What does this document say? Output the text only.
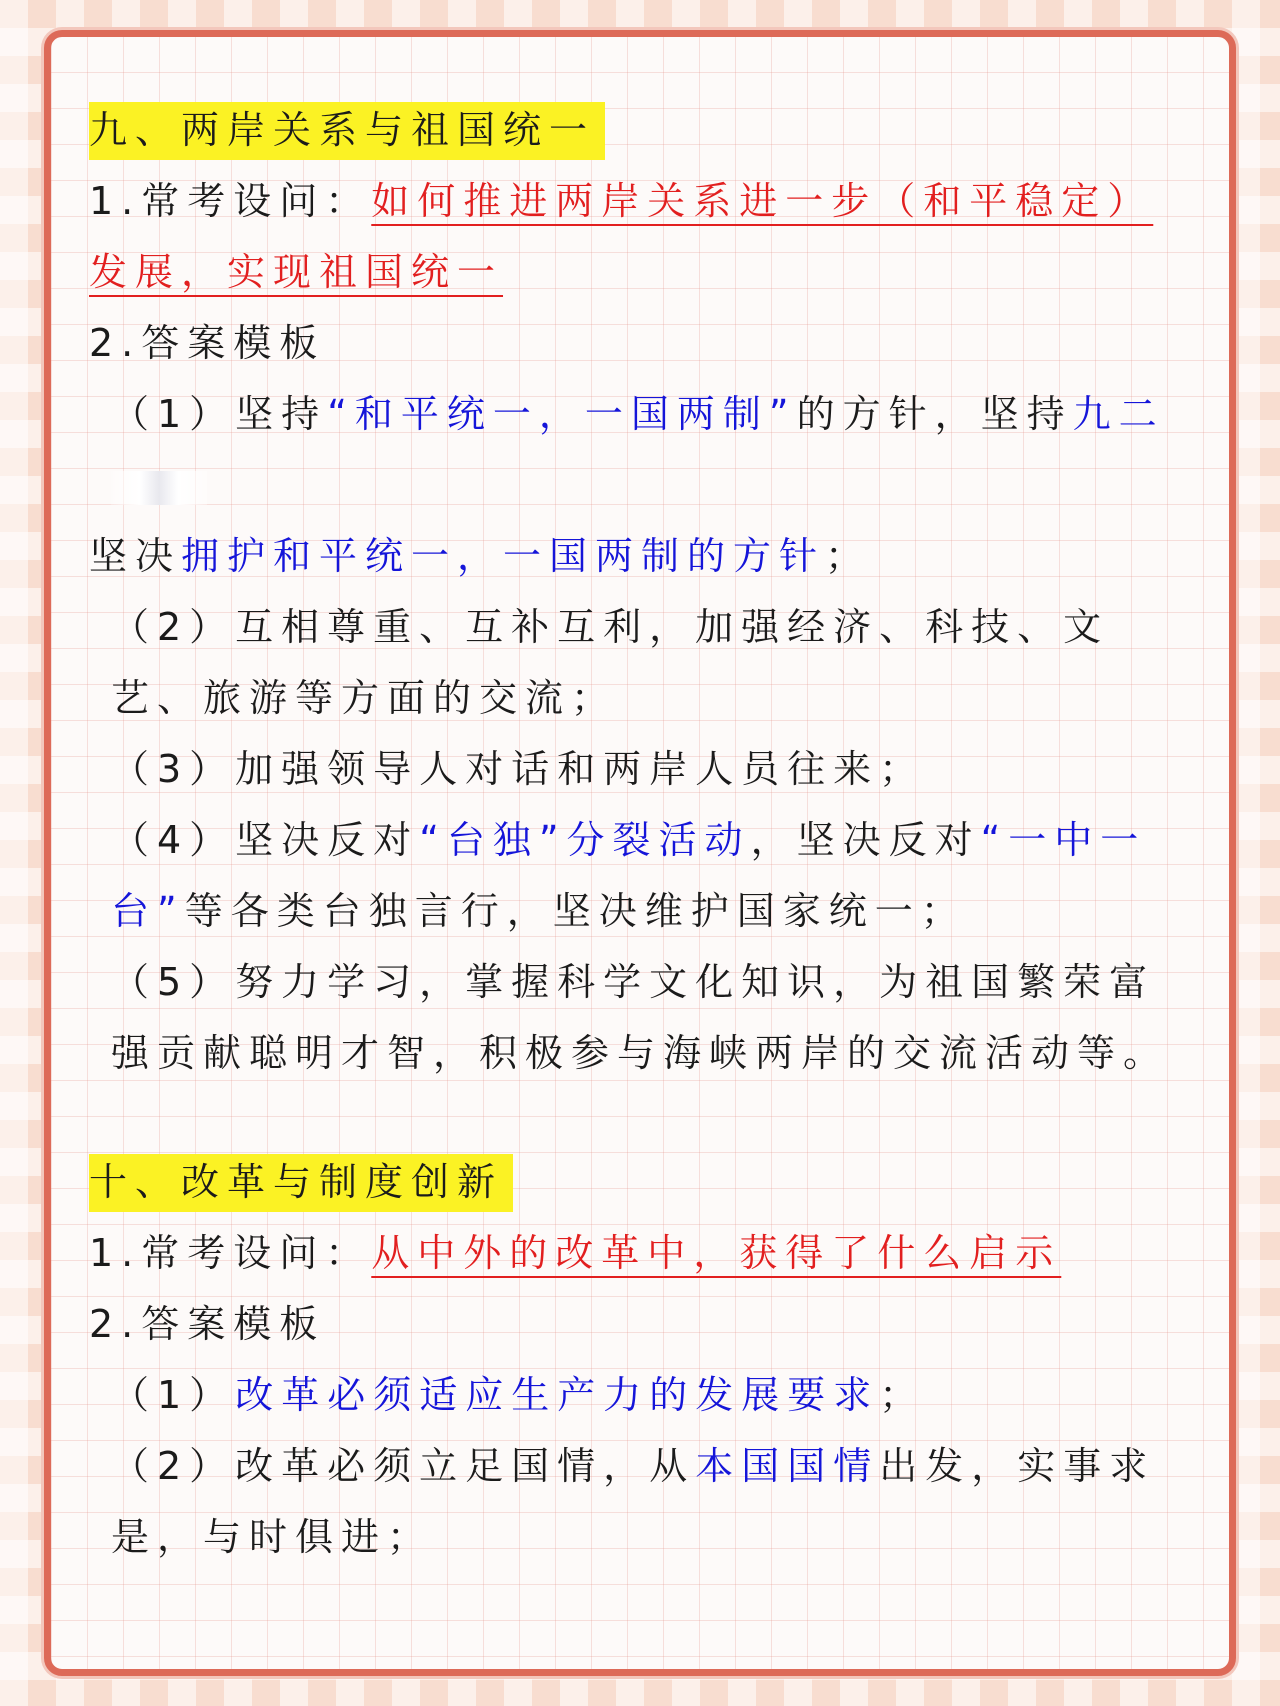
九、两岸关系与祖国统一

1.常考设问：如何推进两岸关系进一步（和平稳定）发展，实现祖国统一

2.答案模板

（1）坚持“和平统一，一国两制”的方针，坚持九二

坚决拥护和平统一，一国两制的方针；

（2）互相尊重、互补互利，加强经济、科技、文艺、旅游等方面的交流；

（3）加强领导人对话和两岸人员往来；

（4）坚决反对“台独”分裂活动，坚决反对“一中一台”等各类台独言行，坚决维护国家统一；

（5）努力学习，掌握科学文化知识，为祖国繁荣富强贡献聪明才智，积极参与海峡两岸的交流活动等。

十、改革与制度创新

1.常考设问：从中外的改革中，获得了什么启示

2.答案模板

（1）改革必须适应生产力的发展要求；

（2）改革必须立足国情，从本国国情出发，实事求是，与时俱进；
